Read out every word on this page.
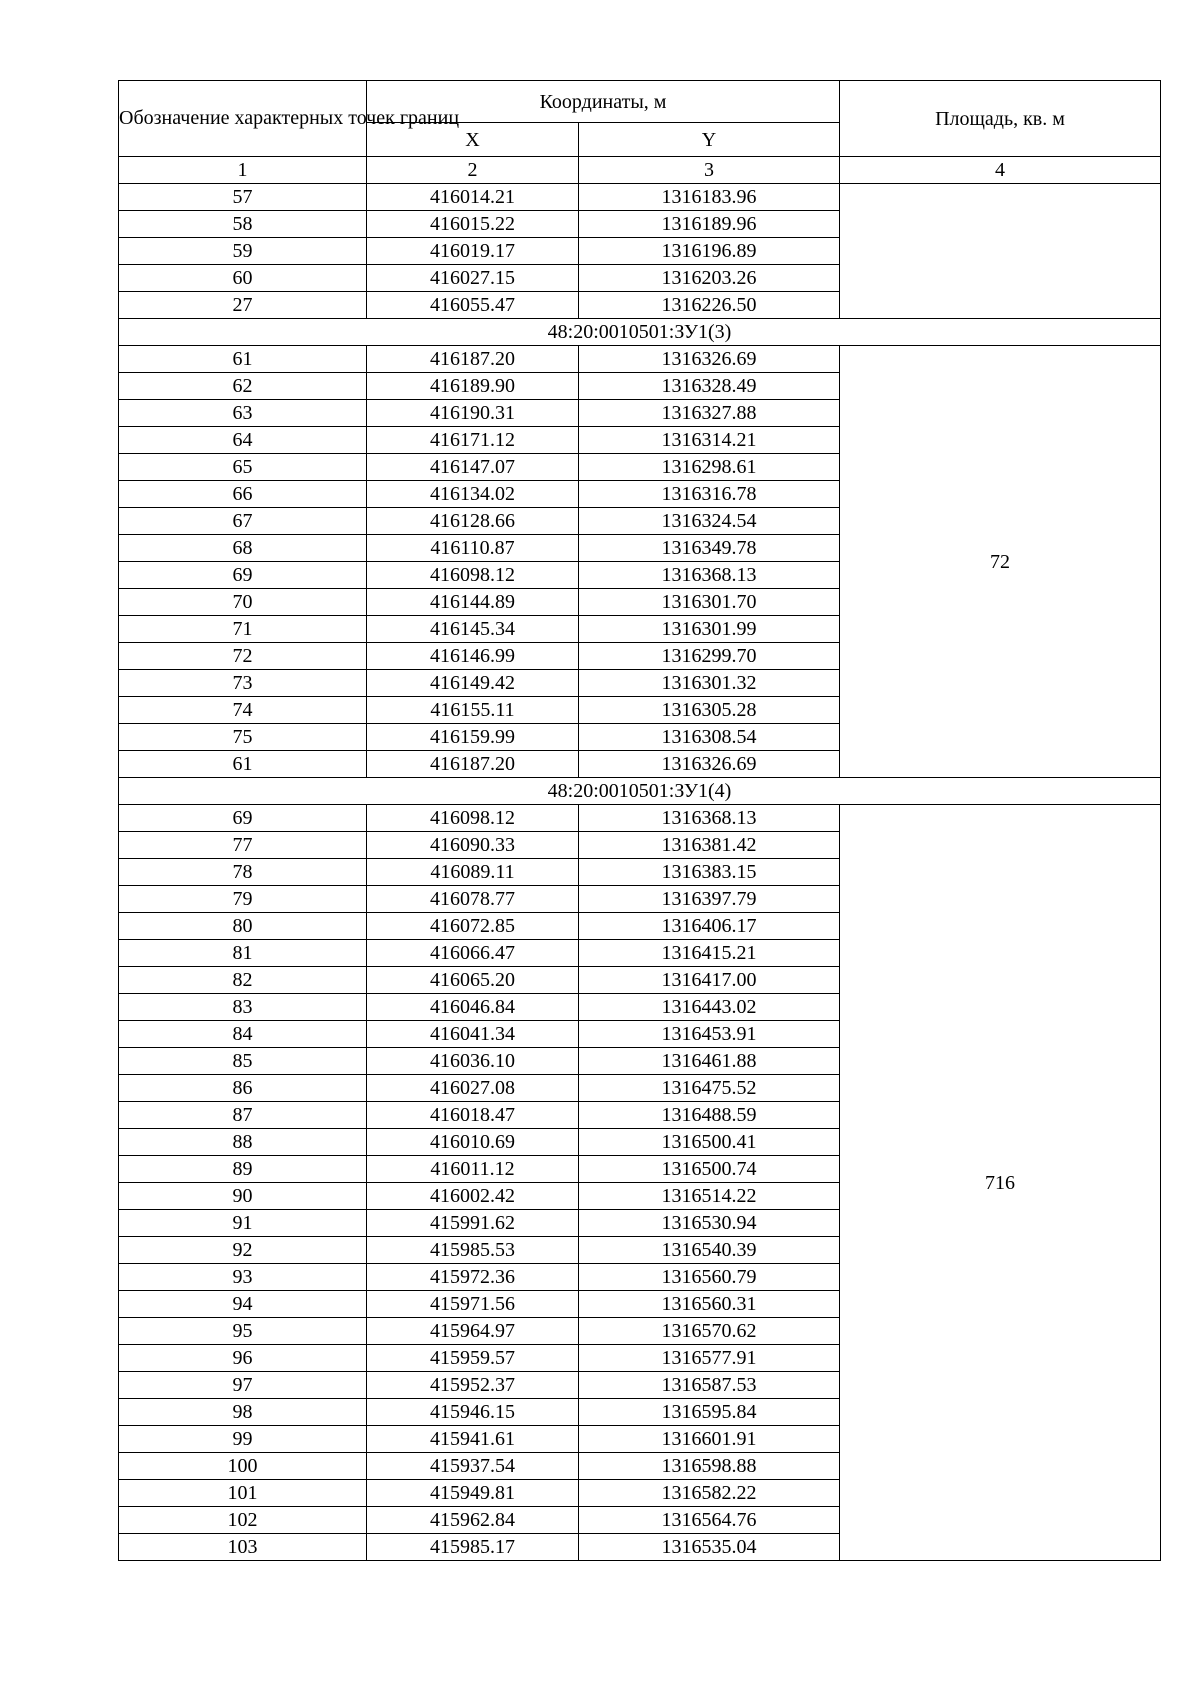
Обозначение характерных точек границ	Координаты, м		Площадь, кв. м
	X	Y	
1	2	3	4
57	416014.21	1316183.96	
58	416015.22	1316189.96	
59	416019.17	1316196.89	
60	416027.15	1316203.26	
27	416055.47	1316226.50	
48:20:0010501:ЗУ1(3)			
61	416187.20	1316326.69	72
62	416189.90	1316328.49	
63	416190.31	1316327.88	
64	416171.12	1316314.21	
65	416147.07	1316298.61	
66	416134.02	1316316.78	
67	416128.66	1316324.54	
68	416110.87	1316349.78	
69	416098.12	1316368.13	
70	416144.89	1316301.70	
71	416145.34	1316301.99	
72	416146.99	1316299.70	
73	416149.42	1316301.32	
74	416155.11	1316305.28	
75	416159.99	1316308.54	
61	416187.20	1316326.69	
48:20:0010501:ЗУ1(4)			
69	416098.12	1316368.13	716
77	416090.33	1316381.42	
78	416089.11	1316383.15	
79	416078.77	1316397.79	
80	416072.85	1316406.17	
81	416066.47	1316415.21	
82	416065.20	1316417.00	
83	416046.84	1316443.02	
84	416041.34	1316453.91	
85	416036.10	1316461.88	
86	416027.08	1316475.52	
87	416018.47	1316488.59	
88	416010.69	1316500.41	
89	416011.12	1316500.74	
90	416002.42	1316514.22	
91	415991.62	1316530.94	
92	415985.53	1316540.39	
93	415972.36	1316560.79	
94	415971.56	1316560.31	
95	415964.97	1316570.62	
96	415959.57	1316577.91	
97	415952.37	1316587.53	
98	415946.15	1316595.84	
99	415941.61	1316601.91	
100	415937.54	1316598.88	
101	415949.81	1316582.22	
102	415962.84	1316564.76	
103	415985.17	1316535.04	
